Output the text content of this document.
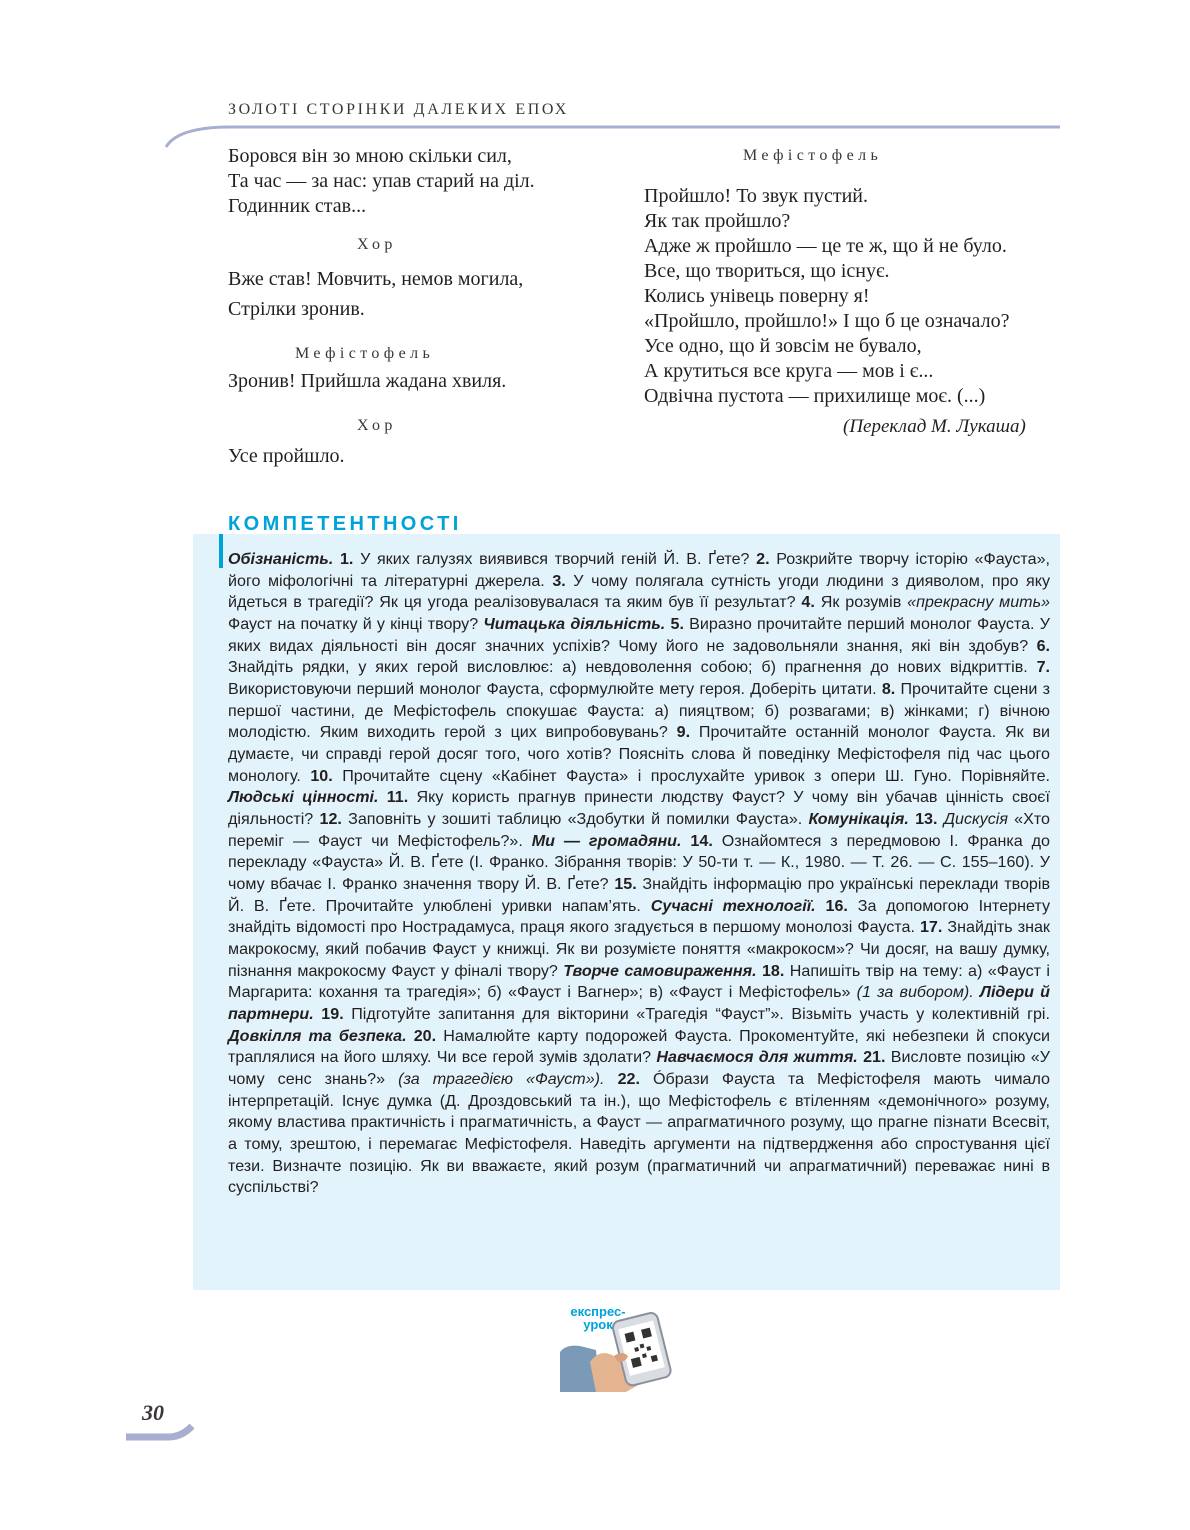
ЗОЛОТІ СТОРІНКИ ДАЛЕКИХ ЕПОХ
Боровся він зо мною скільки сил,
Та час — за нас: упав старий на діл.
Годинник став...
Хор
Вже став! Мовчить, немов могила,
Стрілки зронив.
Мефістофель
Зронив! Прийшла жадана хвиля.
Хор
Усе пройшло.
Мефістофель
Пройшло! То звук пустий.
Як так пройшло?
Адже ж пройшло — це те ж, що й не було.
Все, що твориться, що існує.
Колись унівець поверну я!
«Пройшло, пройшло!» І що б це означало?
Усе одно, що й зовсім не бувало,
А крутиться все круга — мов і є...
Одвічна пустота — прихилище моє. (...)
(Переклад М. Лукаша)
КОМПЕТЕНТНОСТІ
Обізнаність. 1. У яких галузях виявився творчий геній Й. В. Ґете? 2. Розкрийте творчу історію «Фауста», його міфологічні та літературні джерела. 3. У чому полягала сутність угоди людини з дияволом, про яку йдеться в трагедії? Як ця угода реалізовувалася та яким був її результат? 4. Як розумів «прекрасну мить» Фауст на початку й у кінці твору? Читацька діяльність. 5. Виразно прочитайте перший монолог Фауста. У яких видах діяльності він досяг значних успіхів? Чому його не задовольняли знання, які він здобув? 6. Знайдіть рядки, у яких герой висловлює: а) невдоволення собою; б) прагнення до нових відкриттів. 7. Використовуючи перший монолог Фауста, сформулюйте мету героя. Доберіть цитати. 8. Прочитайте сцени з першої частини, де Мефістофель спокушає Фауста: а) пияцтвом; б) розвагами; в) жінками; г) вічною молодістю. Яким виходить герой з цих випробовувань? 9. Прочитайте останній монолог Фауста. Як ви думаєте, чи справді герой досяг того, чого хотів? Поясніть слова й поведінку Мефістофеля під час цього монологу. 10. Прочитайте сцену «Кабінет Фауста» і прослухайте уривок з опери Ш. Гуно. Порівняйте. Людські цінності. 11. Яку користь прагнув принести людству Фауст? У чому він убачав цінність своєї діяльності? 12. Заповніть у зошиті таблицю «Здобутки й помилки Фауста». Комунікація. 13. Дискусія «Хто переміг — Фауст чи Мефістофель?». Ми — громадяни. 14. Ознайомтеся з передмовою І. Франка до перекладу «Фауста» Й. В. Ґете (І. Франко. Зібрання творів: У 50-ти т. — К., 1980. — Т. 26. — С. 155–160). У чому вбачає І. Франко значення твору Й. В. Ґете? 15. Знайдіть інформацію про українські переклади творів Й. В. Ґете. Прочитайте улюблені уривки напам’ять. Сучасні технології. 16. За допомогою Інтернету знайдіть відомості про Нострадамуса, праця якого згадується в першому монолозі Фауста. 17. Знайдіть знак макрокосму, який побачив Фауст у книжці. Як ви розумієте поняття «макрокосм»? Чи досяг, на вашу думку, пізнання макрокосму Фауст у фіналі твору? Творче самовираження. 18. Напишіть твір на тему: а) «Фауст і Маргарита: кохання та трагедія»; б) «Фауст і Вагнер»; в) «Фауст і Мефістофель» (1 за вибором). Лідери й партнери. 19. Підготуйте запитання для вікторини «Трагедія “Фауст”». Візьміть участь у колективній грі. Довкілля та безпека. 20. Намалюйте карту подорожей Фауста. Прокоментуйте, які небезпеки й спокуси траплялися на його шляху. Чи все герой зумів здолати? Навчаємося для життя. 21. Висловте позицію «У чому сенс знань?» (за трагедією «Фауст»). 22. Óбрази Фауста та Мефістофеля мають чимало інтерпретацій. Існує думка (Д. Дроздовський та ін.), що Мефістофель є втіленням «демонічного» розуму, якому властива практичність і прагматичність, а Фауст — апрагматичного розуму, що прагне пізнати Всесвіт, а тому, зрештою, і перемагає Мефістофеля. Наведіть аргументи на підтвердження або спростування цієї тези. Визначте позицію. Як ви вважаєте, який розум (прагматичний чи апрагматичний) переважає нині в суспільстві?
експрес-
урок
30
